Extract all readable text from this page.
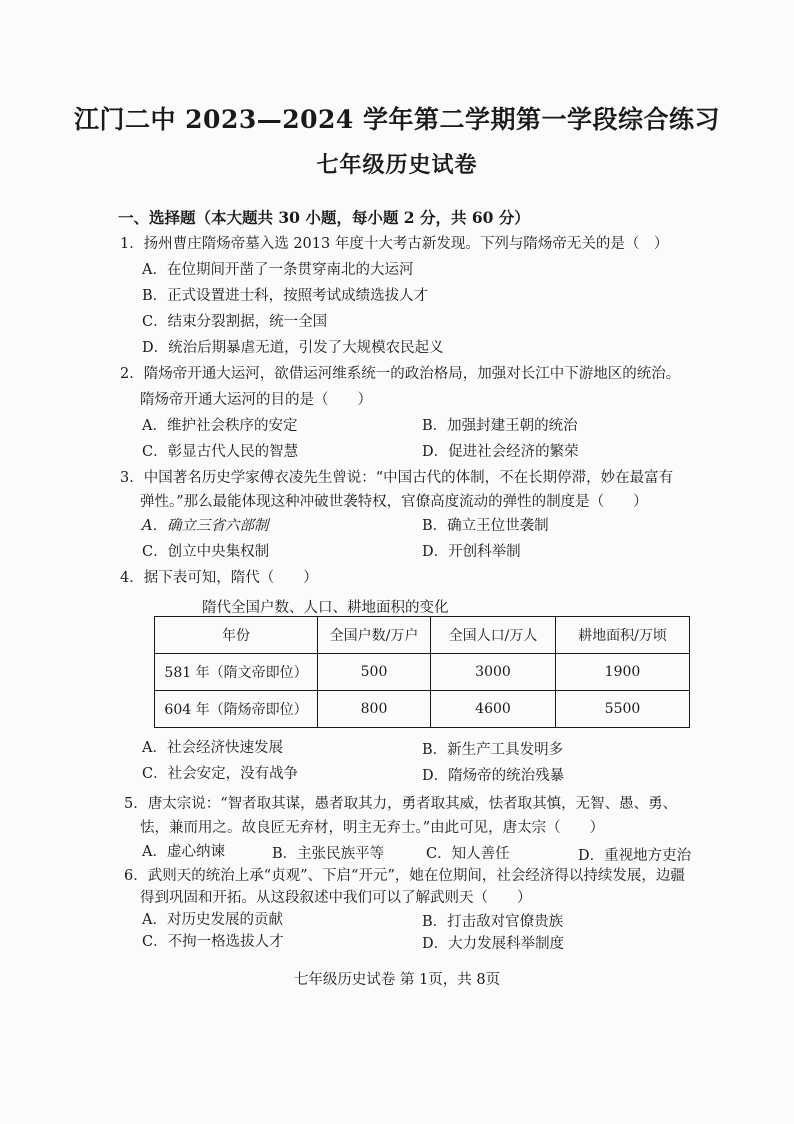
江门二中 2023—2024 学年第二学期第一学段综合练习
七年级历史试卷
一、选择题（本大题共 30 小题，每小题 2 分，共 60 分）
1．扬州曹庄隋炀帝墓入选 2013 年度十大考古新发现。下列与隋炀帝无关的是（　）
A．在位期间开凿了一条贯穿南北的大运河
B．正式设置进士科，按照考试成绩选拔人才
C．结束分裂割据，统一全国
D．统治后期暴虐无道，引发了大规模农民起义
2．隋炀帝开通大运河，欲借运河维系统一的政治格局，加强对长江中下游地区的统治。
隋炀帝开通大运河的目的是（　　）
A．维护社会秩序的安定	B．加强封建王朝的统治
C．彰显古代人民的智慧	D．促进社会经济的繁荣
3．中国著名历史学家傅衣凌先生曾说：“中国古代的体制，不在长期停滞，妙在最富有
弹性。”那么最能体现这种冲破世袭特权，官僚高度流动的弹性的制度是（　　）
A．确立三省六部制	B．确立王位世袭制
C．创立中央集权制	D．开创科举制
4．据下表可知，隋代（　　）
隋代全国户数、人口、耕地面积的变化
年份	全国户数/万户	全国人口/万人	耕地面积/万顷
581 年（隋文帝即位）	500	3000	1900
604 年（隋炀帝即位）	800	4600	5500
A．社会经济快速发展	B．新生产工具发明多
C．社会安定，没有战争	D．隋炀帝的统治残暴
5．唐太宗说：“智者取其谋，愚者取其力，勇者取其威，怯者取其慎，无智、愚、勇、
怯，兼而用之。故良匠无弃材，明主无弃士。”由此可见，唐太宗（　　）
A．虚心纳谏	B．主张民族平等	C．知人善任	D．重视地方吏治
6．武则天的统治上承“贞观”、下启“开元”，她在位期间，社会经济得以持续发展，边疆
得到巩固和开拓。从这段叙述中我们可以了解武则天（　　）
A．对历史发展的贡献	B．打击敌对官僚贵族
C．不拘一格选拔人才	D．大力发展科举制度
七年级历史试卷 第 1页，共 8页
